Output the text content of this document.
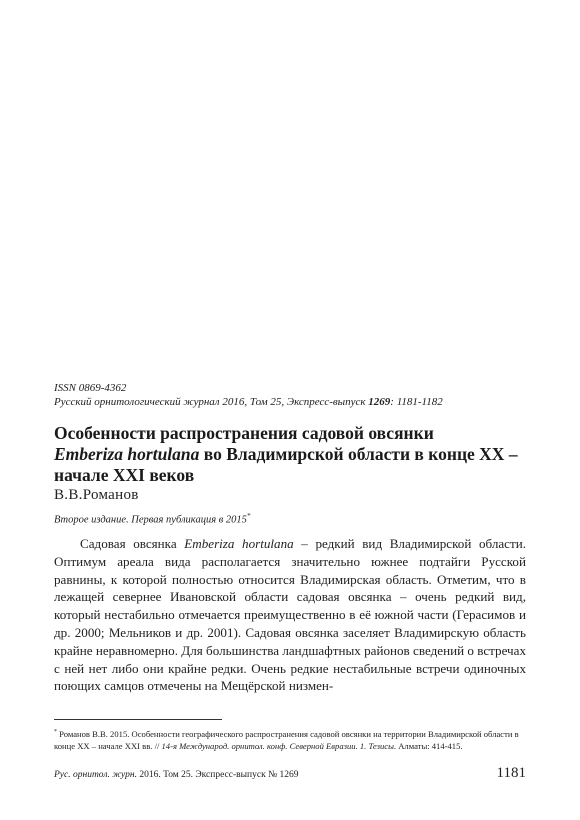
ISSN 0869-4362
Русский орнитологический журнал 2016, Том 25, Экспресс-выпуск 1269: 1181-1182
Особенности распространения садовой овсянки
Emberiza hortulana во Владимирской области в конце XX – начале XXI веков
В.В.Романов
Второе издание. Первая публикация в 2015*

Садовая овсянка Emberiza hortulana – редкий вид Владимирской области. Оптимум ареала вида располагается значительно южнее подтайги Русской равнины, к которой полностью относится Владимирская область. Отметим, что в лежащей севернее Ивановской области садовая овсянка – очень редкий вид, который нестабильно отмечается преимущественно в её южной части (Герасимов и др. 2000; Мельников и др. 2001). Садовая овсянка заселяет Владимирскую область крайне неравномерно. Для большинства ландшафтных районов сведений о встречах с ней нет либо они крайне редки. Очень редкие нестабильные встречи одиночных поющих самцов отмечены на Мещёрской низмен-

* Романов В.В. 2015. Особенности географического распространения садовой овсянки на территории Владимирской области в конце XX – начале XXI вв. // 14-я Международ. орнитол. конф. Северной Евразии. 1. Тезисы. Алматы: 414-415.

Рус. орнитол. журн. 2016. Том 25. Экспресс-выпуск № 1269	1181
